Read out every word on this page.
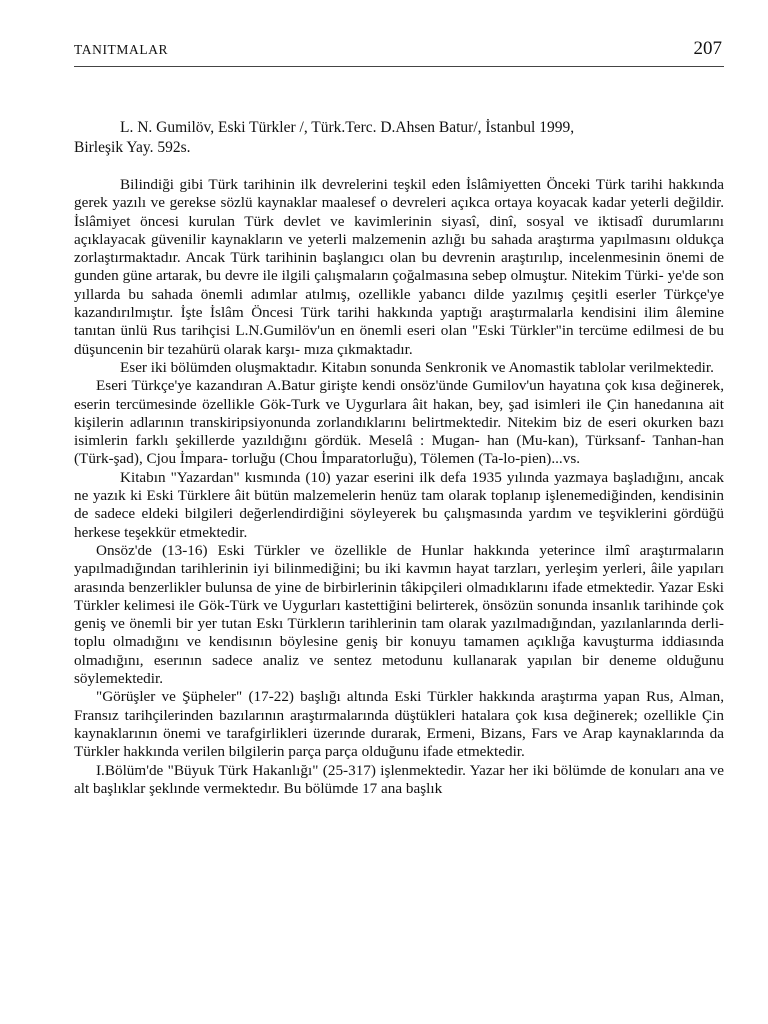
TANITMALAR	207
L. N. Gumilöv, Eski Türkler /, Türk.Terc. D.Ahsen Batur/, İstanbul 1999,
Birleşik Yay. 592s.

Bilindiği gibi Türk tarihinin ilk devrelerini teşkil eden İslâmiyetten Önceki Türk tarihi hakkında gerek yazılı ve gerekse sözlü kaynaklar maalesef o devreleri açıkca ortaya koyacak kadar yeterli değildir. İslâmiyet öncesi kurulan Türk devlet ve kavimlerinin siyasî, dinî, sosyal ve iktisadî durumlarını açıklayacak güvenilir kaynakların ve yeterli malzemenin azlığı bu sahada araştırma yapılmasını oldukça zorlaştırmaktadır. Ancak Türk tarihinin başlangıcı olan bu devrenin araştırılıp, incelenmesinin önemi de gunden güne artarak, bu devre ile ilgili çalışmaların çoğalmasına sebep olmuştur. Nitekim Türki- ye'de son yıllarda bu sahada önemli adımlar atılmış, ozellikle yabancı dilde yazılmış çeşitli eserler Türkçe'ye kazandırılmıştır. İşte İslâm Öncesi Türk tarihi hakkında yaptığı araştırmalarla kendisini ilim âlemine tanıtan ünlü Rus tarihçisi L.N.Gumilöv'un en önemli eseri olan "Eski Türkler"in tercüme edilmesi de bu düşuncenin bir tezahürü olarak karşı- mıza çıkmaktadır.

Eser iki bölümden oluşmaktadır. Kitabın sonunda Senkronik ve Anomastik tablolar verilmektedir.

Eseri Türkçe'ye kazandıran A.Batur girişte kendi onsöz'ünde Gumilov'un hayatına çok kısa değinerek, eserin tercümesinde özellikle Gök-Turk ve Uygurlara âit hakan, bey, şad isimleri ile Çin hanedanına ait kişilerin adlarının transkiripsiyonunda zorlandıklarını belirtmektedir. Nitekim biz de eseri okurken bazı isimlerin farklı şekillerde yazıldığını gördük. Meselâ : Mugan- han (Mu-kan), Türksanf- Tanhan-han (Türk-şad), Cjou İmpara- torluğu (Chou İmparatorluğu), Tölemen (Ta-lo-pien)...vs.

Kitabın "Yazardan" kısmında (10) yazar eserini ilk defa 1935 yılında yazmaya başladığını, ancak ne yazık ki Eski Türklere âit bütün malzemelerin henüz tam olarak toplanıp işlenemediğinden, kendisinin de sadece eldeki bilgileri değerlendirdiğini söyleyerek bu çalışmasında yardım ve teşviklerini gördüğü herkese teşekkür etmektedir.

Onsöz'de (13-16) Eski Türkler ve özellikle de Hunlar hakkında yeterince ilmî araştırmaların yapılmadığından tarihlerinin iyi bilinmediğini; bu iki kavmın hayat tarzları, yerleşim yerleri, âile yapıları arasında benzerlikler bulunsa de yine de birbirlerinin tâkipçileri olmadıklarını ifade etmektedir. Yazar Eski Türkler kelimesi ile Gök-Türk ve Uygurları kastettiğini belirterek, önsözün sonunda insanlık tarihinde çok geniş ve önemli bir yer tutan Eskı Türklerın tarihlerinin tam olarak yazılmadığından, yazılanlarında derli- toplu olmadığını ve kendisının böylesine geniş bir konuyu tamamen açıklığa kavuşturma iddiasında olmadığını, eserının sadece analiz ve sentez metodunu kullanarak yapılan bir deneme olduğunu söylemektedir.

"Görüşler ve Şüpheler" (17-22) başlığı altında Eski Türkler hakkında araştırma yapan Rus, Alman, Fransız tarihçilerinden bazılarının araştırmalarında düştükleri hatalara çok kısa değinerek; ozellikle Çin kaynaklarının önemi ve tarafgirlikleri üzerınde durarak, Ermeni, Bizans, Fars ve Arap kaynaklarında da Türkler hakkında verilen bilgilerin parça parça olduğunu ifade etmektedir.

I.Bölüm'de "Büyuk Türk Hakanlığı" (25-317) işlenmektedir. Yazar her iki bölümde de konuları ana ve alt başlıklar şeklınde vermektedır. Bu bölümde 17 ana başlık
